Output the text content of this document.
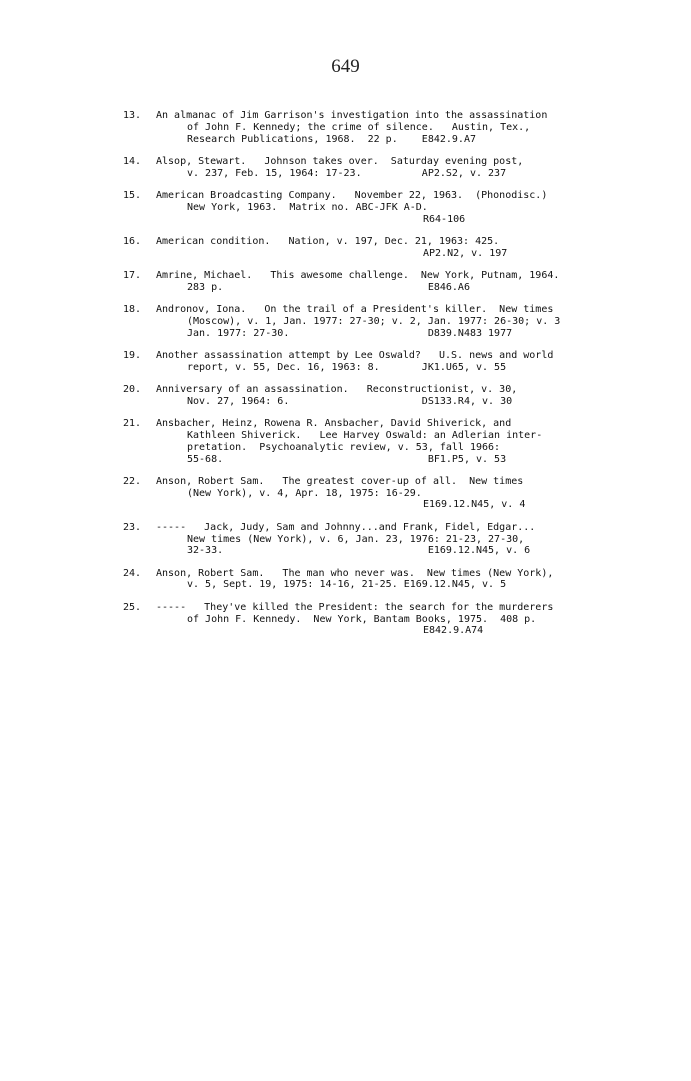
649
13.	An almanac of Jim Garrison's investigation into the assassination
of John F. Kennedy; the crime of silence.   Austin, Tex.,
Research Publications, 1968.  22 p.    E842.9.A7
14.	Alsop, Stewart.   Johnson takes over.  Saturday evening post,
v. 237, Feb. 15, 1964: 17-23.          AP2.S2, v. 237
15.	American Broadcasting Company.   November 22, 1963.  (Phonodisc.)
New York, 1963.  Matrix no. ABC-JFK A-D.
R64-106
16.	American condition.   Nation, v. 197, Dec. 21, 1963: 425.
AP2.N2, v. 197
17.	Amrine, Michael.   This awesome challenge.  New York, Putnam, 1964.
283 p.                                  E846.A6
18.	Andronov, Iona.   On the trail of a President's killer.  New times
(Moscow), v. 1, Jan. 1977: 27-30; v. 2, Jan. 1977: 26-30; v. 3
Jan. 1977: 27-30.                       D839.N483 1977
19.	Another assassination attempt by Lee Oswald?   U.S. news and world
report, v. 55, Dec. 16, 1963: 8.       JK1.U65, v. 55
20.	Anniversary of an assassination.   Reconstructionist, v. 30,
Nov. 27, 1964: 6.                      DS133.R4, v. 30
21.	Ansbacher, Heinz, Rowena R. Ansbacher, David Shiverick, and
Kathleen Shiverick.   Lee Harvey Oswald: an Adlerian inter-
pretation.  Psychoanalytic review, v. 53, fall 1966:
55-68.                                  BF1.P5, v. 53
22.	Anson, Robert Sam.   The greatest cover-up of all.  New times
(New York), v. 4, Apr. 18, 1975: 16-29.
E169.12.N45, v. 4
23.	-----   Jack, Judy, Sam and Johnny...and Frank, Fidel, Edgar...
New times (New York), v. 6, Jan. 23, 1976: 21-23, 27-30,
32-33.                                  E169.12.N45, v. 6
24.	Anson, Robert Sam.   The man who never was.  New times (New York),
v. 5, Sept. 19, 1975: 14-16, 21-25. E169.12.N45, v. 5
25.	-----   They've killed the President: the search for the murderers
of John F. Kennedy.  New York, Bantam Books, 1975.  408 p.
E842.9.A74
